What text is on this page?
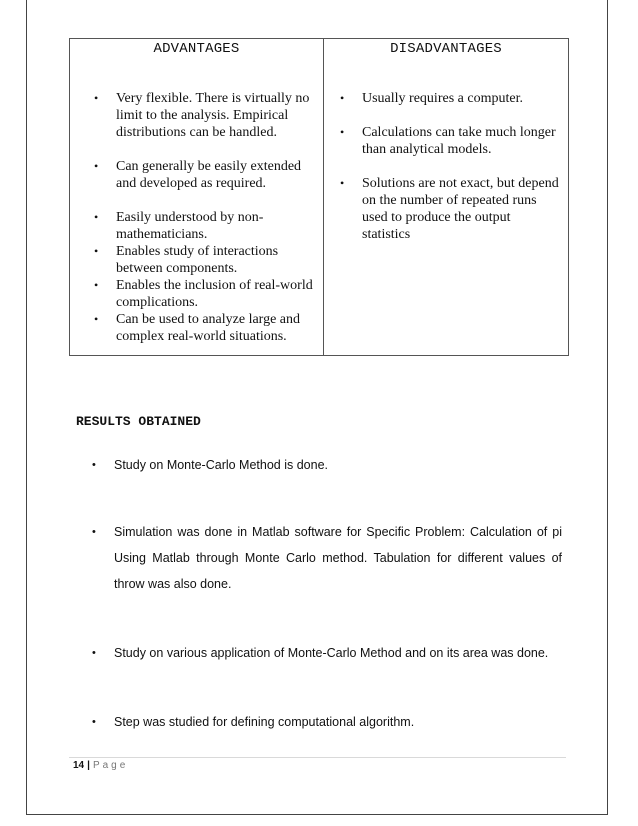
ADVANTAGES
•	Very flexible. There is virtually no limit to the analysis. Empirical distributions can be handled.
•	Can generally be easily extended and developed as required.
•	Easily understood by non-mathematicians.
•	Enables study of interactions between components.
•	Enables the inclusion of real-world complications.
•	Can be used to analyze large and complex real-world situations.
DISADVANTAGES
•	Usually requires a computer.
•	Calculations can take much longer than analytical models.
•	Solutions are not exact, but depend on the number of repeated runs used to produce the output statistics
RESULTS OBTAINED
• Study on Monte-Carlo Method is done.
• Simulation was done in Matlab software for Specific Problem: Calculation of pi Using Matlab through Monte Carlo method. Tabulation for different values of throw was also done.
• Study on various application of Monte-Carlo Method and on its area was done.
• Step was studied for defining computational algorithm.
14 | Page
